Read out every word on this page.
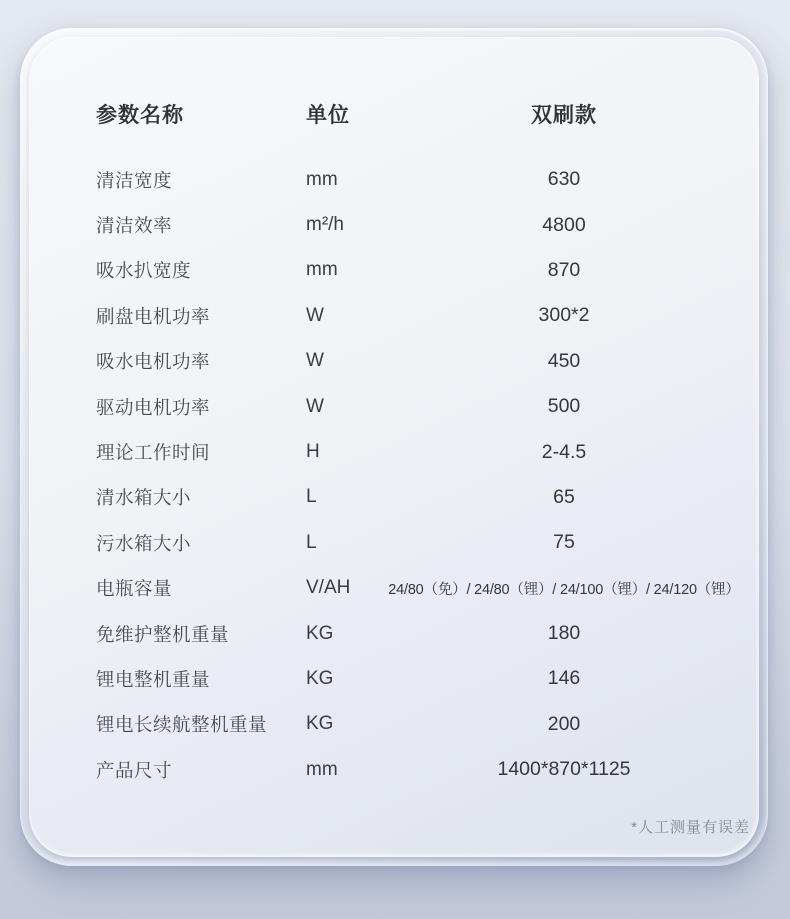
参数名称	单位	双刷款
清洁宽度	mm	630
清洁效率	m²/h	4800
吸水扒宽度	mm	870
刷盘电机功率	W	300*2
吸水电机功率	W	450
驱动电机功率	W	500
理论工作时间	H	2-4.5
清水箱大小	L	65
污水箱大小	L	75
电瓶容量	V/AH	24/80（免）/ 24/80（锂）/ 24/100（锂）/ 24/120（锂）
免维护整机重量	KG	180
锂电整机重量	KG	146
锂电长续航整机重量	KG	200
产品尺寸	mm	1400*870*1125
*人工测量有误差
